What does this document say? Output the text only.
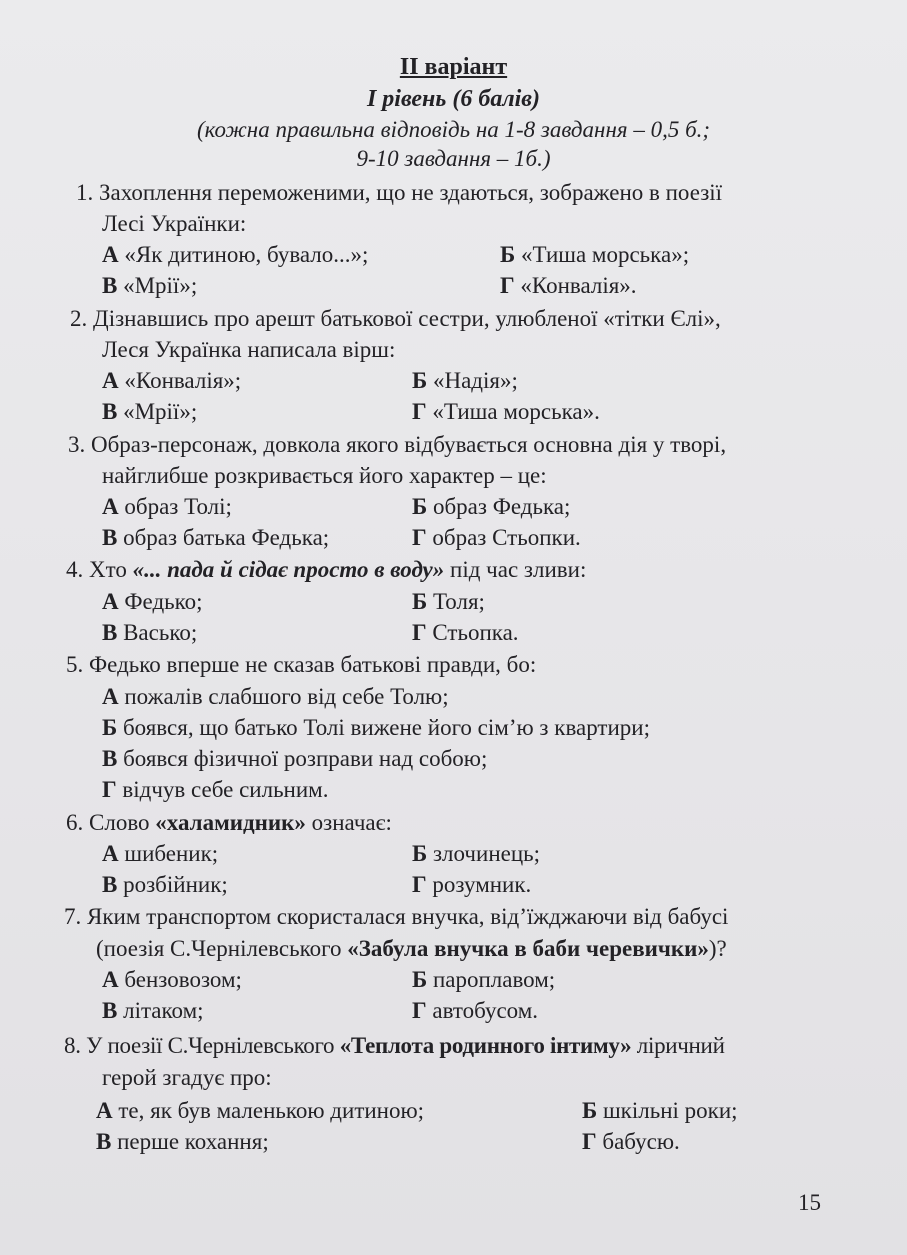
II варіант
І рівень (6 балів)
(кожна правильна відповідь на 1-8 завдання – 0,5 б.;
9-10 завдання – 1б.)
1. Захоплення переможеними, що не здаються, зображено в поезії
Лесі Українки:
А «Як дитиною, бувало...»;	Б «Тиша морська»;
В «Мрії»;	Г «Конвалія».
2. Дізнавшись про арешт батькової сестри, улюбленої «тітки Єлі»,
Леся Українка написала вірш:
А «Конвалія»;	Б «Надія»;
В «Мрії»;	Г «Тиша морська».
3. Образ-персонаж, довкола якого відбувається основна дія у творі,
найглибше розкривається його характер – це:
А образ Толі;	Б образ Федька;
В образ батька Федька;	Г образ Стьопки.
4. Хто «... пада й сідає просто в воду» під час зливи:
А Федько;	Б Толя;
В Васько;	Г Стьопка.
5. Федько вперше не сказав батькові правди, бо:
А пожалів слабшого від себе Толю;
Б боявся, що батько Толі вижене його сім’ю з квартири;
В боявся фізичної розправи над собою;
Г відчув себе сильним.
6. Слово «халамидник» означає:
А шибеник;	Б злочинець;
В розбійник;	Г розумник.
7. Яким транспортом скористалася внучка, від’їжджаючи від бабусі
(поезія С.Чернілевського «Забула внучка в баби черевички»)?
А бензовозом;	Б пароплавом;
В літаком;	Г автобусом.
8. У поезії С.Чернілевського «Теплота родинного інтиму» ліричний
герой згадує про:
А те, як був маленькою дитиною;	Б шкільні роки;
В перше кохання;	Г бабусю.
15
